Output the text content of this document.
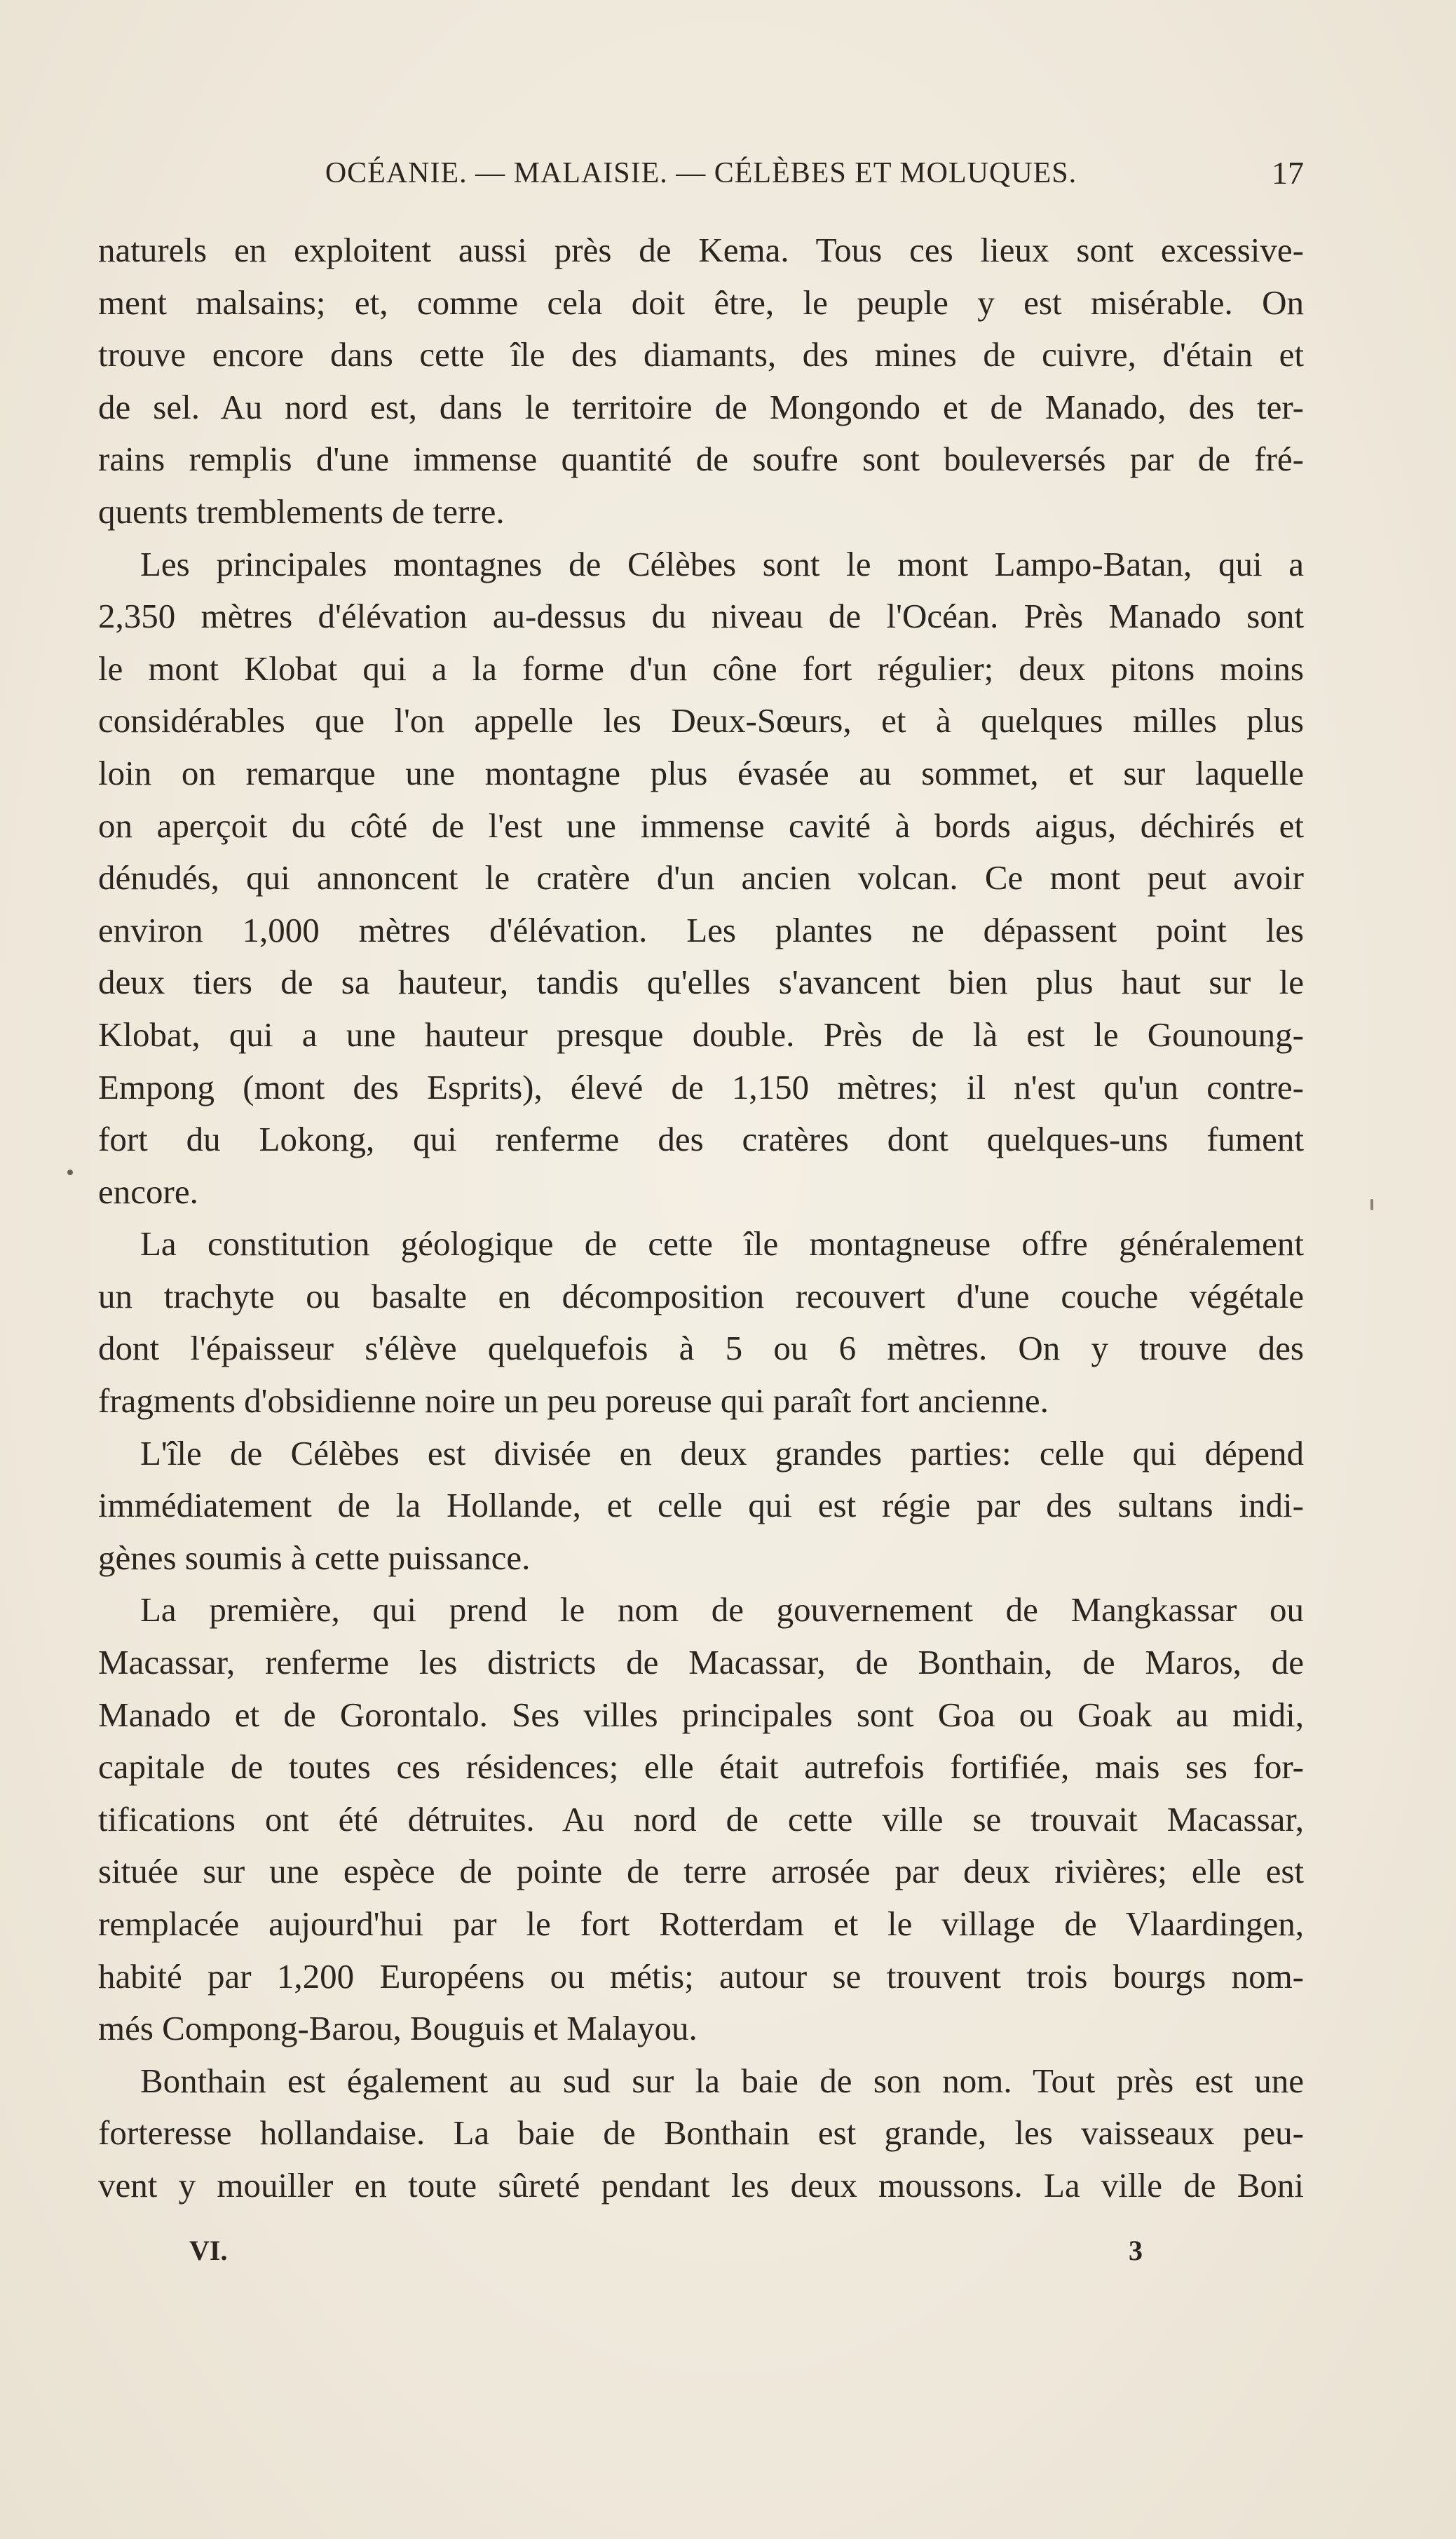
OCÉANIE. — MALAISIE. — CÉLÈBES ET MOLUQUES.	17
naturels en exploitent aussi près de Kema. Tous ces lieux sont excessive-
ment malsains; et, comme cela doit être, le peuple y est misérable. On
trouve encore dans cette île des diamants, des mines de cuivre, d'étain et
de sel. Au nord est, dans le territoire de Mongondo et de Manado, des ter-
rains remplis d'une immense quantité de soufre sont bouleversés par de fré-
quents tremblements de terre.
Les principales montagnes de Célèbes sont le mont Lampo-Batan, qui a
2,350 mètres d'élévation au-dessus du niveau de l'Océan. Près Manado sont
le mont Klobat qui a la forme d'un cône fort régulier; deux pitons moins
considérables que l'on appelle les Deux-Sœurs, et à quelques milles plus
loin on remarque une montagne plus évasée au sommet, et sur laquelle
on aperçoit du côté de l'est une immense cavité à bords aigus, déchirés et
dénudés, qui annoncent le cratère d'un ancien volcan. Ce mont peut avoir
environ 1,000 mètres d'élévation. Les plantes ne dépassent point les
deux tiers de sa hauteur, tandis qu'elles s'avancent bien plus haut sur le
Klobat, qui a une hauteur presque double. Près de là est le Gounoung-
Empong (mont des Esprits), élevé de 1,150 mètres; il n'est qu'un contre-
fort du Lokong, qui renferme des cratères dont quelques-uns fument
encore.
La constitution géologique de cette île montagneuse offre généralement
un trachyte ou basalte en décomposition recouvert d'une couche végétale
dont l'épaisseur s'élève quelquefois à 5 ou 6 mètres. On y trouve des
fragments d'obsidienne noire un peu poreuse qui paraît fort ancienne.
L'île de Célèbes est divisée en deux grandes parties: celle qui dépend
immédiatement de la Hollande, et celle qui est régie par des sultans indi-
gènes soumis à cette puissance.
La première, qui prend le nom de gouvernement de Mangkassar ou
Macassar, renferme les districts de Macassar, de Bonthain, de Maros, de
Manado et de Gorontalo. Ses villes principales sont Goa ou Goak au midi,
capitale de toutes ces résidences; elle était autrefois fortifiée, mais ses for-
tifications ont été détruites. Au nord de cette ville se trouvait Macassar,
située sur une espèce de pointe de terre arrosée par deux rivières; elle est
remplacée aujourd'hui par le fort Rotterdam et le village de Vlaardingen,
habité par 1,200 Européens ou métis; autour se trouvent trois bourgs nom-
més Compong-Barou, Bouguis et Malayou.
Bonthain est également au sud sur la baie de son nom. Tout près est une
forteresse hollandaise. La baie de Bonthain est grande, les vaisseaux peu-
vent y mouiller en toute sûreté pendant les deux moussons. La ville de Boni
VI.	3
